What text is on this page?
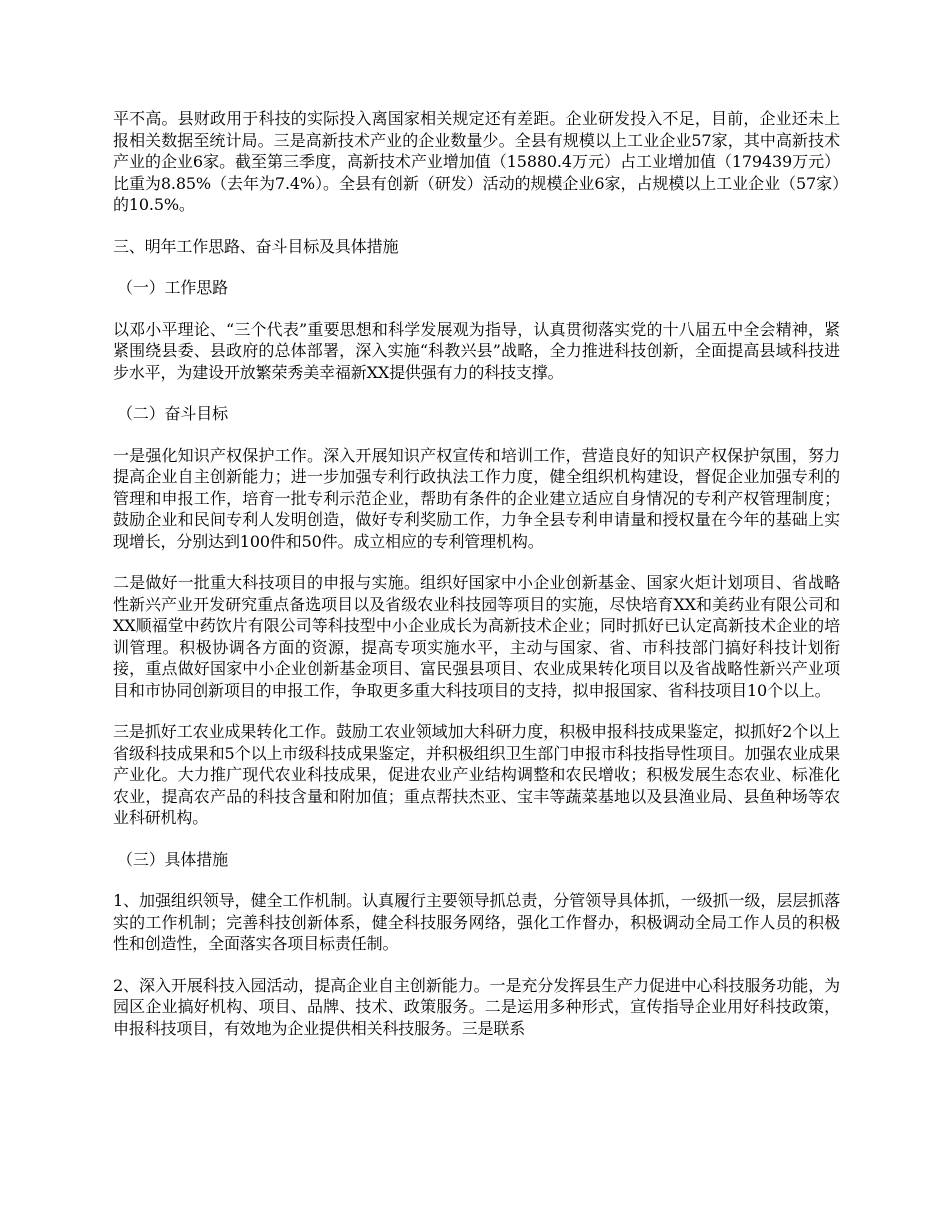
平不高。县财政用于科技的实际投入离国家相关规定还有差距。企业研发投入不足，目前，企业还未上报相关数据至统计局。三是高新技术产业的企业数量少。全县有规模以上工业企业57家，其中高新技术产业的企业6家。截至第三季度，高新技术产业增加值（15880.4万元）占工业增加值（179439万元）比重为8.85%（去年为7.4%）。全县有创新（研发）活动的规模企业6家，占规模以上工业企业（57家）的10.5%。

三、明年工作思路、奋斗目标及具体措施

（一）工作思路

以邓小平理论、“三个代表”重要思想和科学发展观为指导，认真贯彻落实党的十八届五中全会精神，紧紧围绕县委、县政府的总体部署，深入实施“科教兴县”战略，全力推进科技创新，全面提高县域科技进步水平，为建设开放繁荣秀美幸福新XX提供强有力的科技支撑。

（二）奋斗目标

一是强化知识产权保护工作。深入开展知识产权宣传和培训工作，营造良好的知识产权保护氛围，努力提高企业自主创新能力；进一步加强专利行政执法工作力度，健全组织机构建设，督促企业加强专利的管理和申报工作，培育一批专利示范企业，帮助有条件的企业建立适应自身情况的专利产权管理制度；鼓励企业和民间专利人发明创造，做好专利奖励工作，力争全县专利申请量和授权量在今年的基础上实现增长，分别达到100件和50件。成立相应的专利管理机构。

二是做好一批重大科技项目的申报与实施。组织好国家中小企业创新基金、国家火炬计划项目、省战略性新兴产业开发研究重点备选项目以及省级农业科技园等项目的实施，尽快培育XX和美药业有限公司和XX顺福堂中药饮片有限公司等科技型中小企业成长为高新技术企业；同时抓好已认定高新技术企业的培训管理。积极协调各方面的资源，提高专项实施水平，主动与国家、省、市科技部门搞好科技计划衔接，重点做好国家中小企业创新基金项目、富民强县项目、农业成果转化项目以及省战略性新兴产业项目和市协同创新项目的申报工作，争取更多重大科技项目的支持，拟申报国家、省科技项目10个以上。

三是抓好工农业成果转化工作。鼓励工农业领域加大科研力度，积极申报科技成果鉴定，拟抓好2个以上省级科技成果和5个以上市级科技成果鉴定，并积极组织卫生部门申报市科技指导性项目。加强农业成果产业化。大力推广现代农业科技成果，促进农业产业结构调整和农民增收；积极发展生态农业、标准化农业，提高农产品的科技含量和附加值；重点帮扶杰亚、宝丰等蔬菜基地以及县渔业局、县鱼种场等农业科研机构。

（三）具体措施

1、加强组织领导，健全工作机制。认真履行主要领导抓总责，分管领导具体抓，一级抓一级，层层抓落实的工作机制；完善科技创新体系，健全科技服务网络，强化工作督办，积极调动全局工作人员的积极性和创造性，全面落实各项目标责任制。

2、深入开展科技入园活动，提高企业自主创新能力。一是充分发挥县生产力促进中心科技服务功能，为园区企业搞好机构、项目、品牌、技术、政策服务。二是运用多种形式，宣传指导企业用好科技政策，申报科技项目，有效地为企业提供相关科技服务。三是联系
